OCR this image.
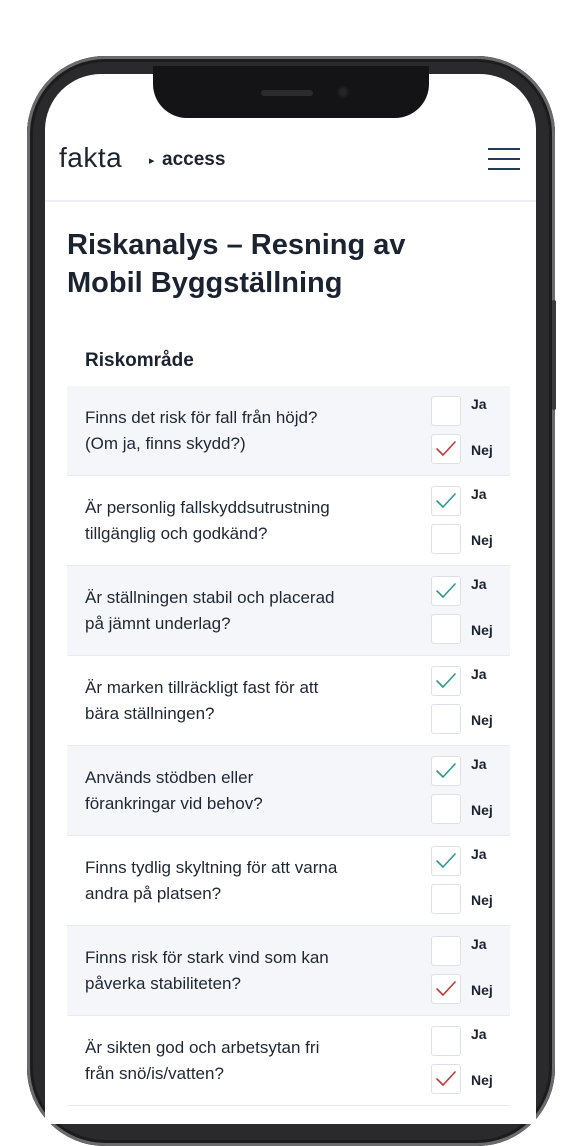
fakta ▸ access
Riskanalys – Resning av
Mobil Byggställning
Riskområde
Finns det risk för fall från höjd?
(Om ja, finns skydd?)
Ja
Nej
Är personlig fallskyddsutrustning
tillgänglig och godkänd?
Ja
Nej
Är ställningen stabil och placerad
på jämnt underlag?
Ja
Nej
Är marken tillräckligt fast för att
bära ställningen?
Ja
Nej
Används stödben eller
förankringar vid behov?
Ja
Nej
Finns tydlig skyltning för att varna
andra på platsen?
Ja
Nej
Finns risk för stark vind som kan
påverka stabiliteten?
Ja
Nej
Är sikten god och arbetsytan fri
från snö/is/vatten?
Ja
Nej
